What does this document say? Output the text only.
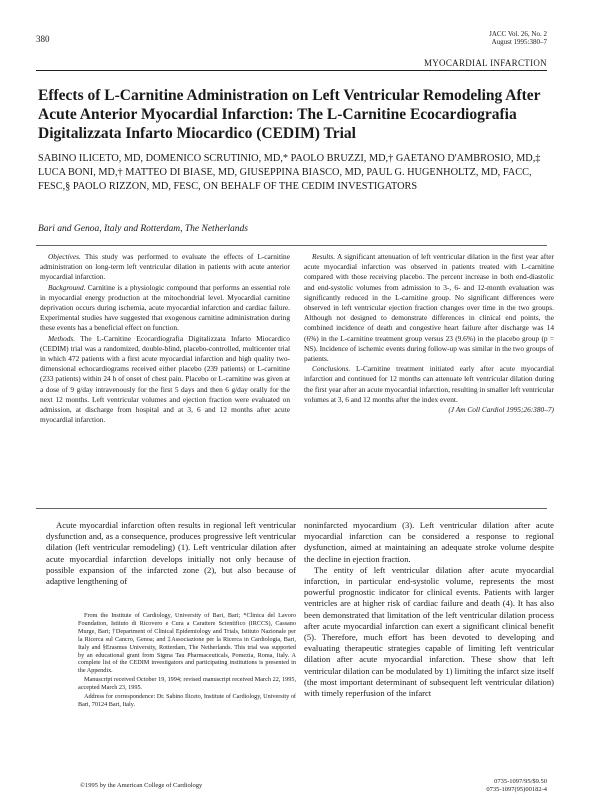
380	JACC Vol. 26, No. 2
August 1995:380–7
MYOCARDIAL INFARCTION
Effects of L-Carnitine Administration on Left Ventricular Remodeling After Acute Anterior Myocardial Infarction: The L-Carnitine Ecocardiografia Digitalizzata Infarto Miocardico (CEDIM) Trial

SABINO ILICETO, MD, DOMENICO SCRUTINIO, MD,* PAOLO BRUZZI, MD,† GAETANO D'AMBROSIO, MD,‡ LUCA BONI, MD,† MATTEO DI BIASE, MD, GIUSEPPINA BIASCO, MD, PAUL G. HUGENHOLTZ, MD, FACC, FESC,§ PAOLO RIZZON, MD, FESC, ON BEHALF OF THE CEDIM INVESTIGATORS

Bari and Genoa, Italy and Rotterdam, The Netherlands

Objectives. This study was performed to evaluate the effects of L-carnitine administration on long-term left ventricular dilation in patients with acute anterior myocardial infarction.

Background. Carnitine is a physiologic compound that performs an essential role in myocardial energy production at the mitochondrial level. Myocardial carnitine deprivation occurs during ischemia, acute myocardial infarction and cardiac failure. Experimental studies have suggested that exogenous carnitine administration during these events has a beneficial effect on function.

Methods. The L-Carnitine Ecocardiografia Digitalizzata Infarto Miocardico (CEDIM) trial was a randomized, double-blind, placebo-controlled, multicenter trial in which 472 patients with a first acute myocardial infarction and high quality two-dimensional echocardiograms received either placebo (239 patients) or L-carnitine (233 patients) within 24 h of onset of chest pain. Placebo or L-carnitine was given at a dose of 9 g/day intravenously for the first 5 days and then 6 g/day orally for the next 12 months. Left ventricular volumes and ejection fraction were evaluated on admission, at discharge from hospital and at 3, 6 and 12 months after acute myocardial infarction.

Results. A significant attenuation of left ventricular dilation in the first year after acute myocardial infarction was observed in patients treated with L-carnitine compared with those receiving placebo. The percent increase in both end-diastolic and end-systolic volumes from admission to 3-, 6- and 12-month evaluation was significantly reduced in the L-carnitine group. No significant differences were observed in left ventricular ejection fraction changes over time in the two groups. Although not designed to demonstrate differences in clinical end points, the combined incidence of death and congestive heart failure after discharge was 14 (6%) in the L-carnitine treatment group versus 23 (9.6%) in the placebo group (p = NS). Incidence of ischemic events during follow-up was similar in the two groups of patients.

Conclusions. L-Carnitine treatment initiated early after acute myocardial infarction and continued for 12 months can attenuate left ventricular dilation during the first year after an acute myocardial infarction, resulting in smaller left ventricular volumes at 3, 6 and 12 months after the index event.

(J Am Coll Cardiol 1995;26:380–7)

Acute myocardial infarction often results in regional left ventricular dysfunction and, as a consequence, produces progressive left ventricular dilation (left ventricular remodeling) (1). Left ventricular dilation after acute myocardial infarction develops initially not only because of possible expansion of the infarcted zone (2), but also because of adaptive lengthening of

From the Institute of Cardiology, University of Bari, Bari; *Clinica del Lavoro Foundation, Istituto di Ricovero e Cura a Carattere Scientifico (IRCCS), Cassano Murge, Bari; †Department of Clinical Epidemiology and Trials, Istituto Nazionale per la Ricerca sul Cancro, Genoa; and ‡Associazione per la Ricerca in Cardiologia, Bari, Italy and §Erasmus University, Rotterdam, The Netherlands. This trial was supported by an educational grant from Sigma Tau Pharmaceuticals, Pomezia, Roma, Italy. A complete list of the CEDIM investigators and participating institutions is presented in the Appendix.

Manuscript received October 19, 1994; revised manuscript received March 22, 1995, accepted March 23, 1995.

Address for correspondence: Dr. Sabino Iliceto, Institute of Cardiology, University of Bari, 70124 Bari, Italy.

noninfarcted myocardium (3). Left ventricular dilation after acute myocardial infarction can be considered a response to regional dysfunction, aimed at maintaining an adequate stroke volume despite the decline in ejection fraction.

The entity of left ventricular dilation after acute myocardial infarction, in particular end-systolic volume, represents the most powerful prognostic indicator for clinical events. Patients with larger ventricles are at higher risk of cardiac failure and death (4). It has also been demonstrated that limitation of the left ventricular dilation process after acute myocardial infarction can exert a significant clinical benefit (5). Therefore, much effort has been devoted to developing and evaluating therapeutic strategies capable of limiting left ventricular dilation after acute myocardial infarction. These show that left ventricular dilation can be modulated by 1) limiting the infarct size itself (the most important determinant of subsequent left ventricular dilation) with timely reperfusion of the infarct

©1995 by the American College of Cardiology
0735-1097/95/$9.50
0735-1097(95)00182-4
